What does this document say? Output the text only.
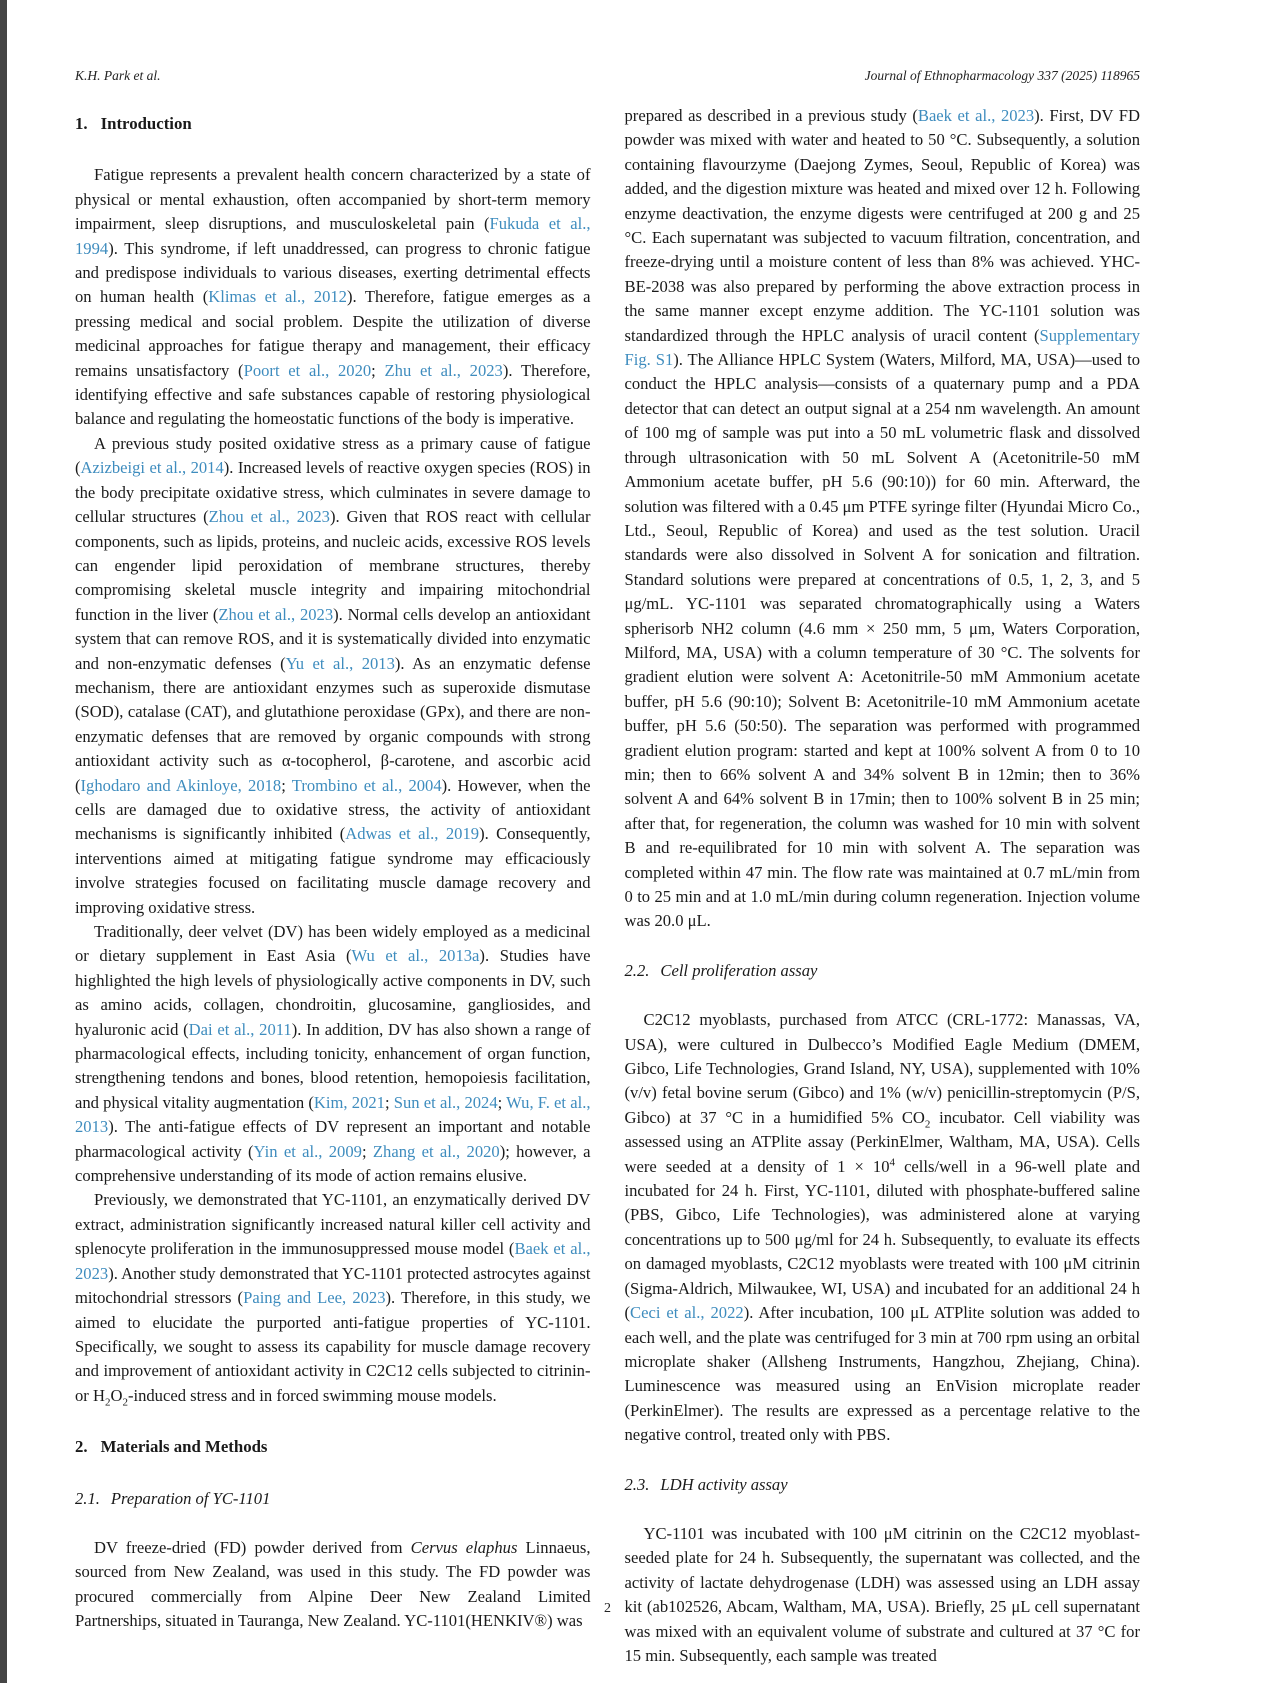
K.H. Park et al.	Journal of Ethnopharmacology 337 (2025) 118965
1. Introduction

Fatigue represents a prevalent health concern characterized by a state of physical or mental exhaustion, often accompanied by short-term memory impairment, sleep disruptions, and musculoskeletal pain (Fukuda et al., 1994). This syndrome, if left unaddressed, can progress to chronic fatigue and predispose individuals to various diseases, exerting detrimental effects on human health (Klimas et al., 2012). Therefore, fatigue emerges as a pressing medical and social problem. Despite the utilization of diverse medicinal approaches for fatigue therapy and management, their efficacy remains unsatisfactory (Poort et al., 2020; Zhu et al., 2023). Therefore, identifying effective and safe substances capable of restoring physiological balance and regulating the homeostatic functions of the body is imperative.

A previous study posited oxidative stress as a primary cause of fatigue (Azizbeigi et al., 2014). Increased levels of reactive oxygen species (ROS) in the body precipitate oxidative stress, which culminates in severe damage to cellular structures (Zhou et al., 2023). Given that ROS react with cellular components, such as lipids, proteins, and nucleic acids, excessive ROS levels can engender lipid peroxidation of membrane structures, thereby compromising skeletal muscle integrity and impairing mitochondrial function in the liver (Zhou et al., 2023). Normal cells develop an antioxidant system that can remove ROS, and it is systematically divided into enzymatic and non-enzymatic defenses (Yu et al., 2013). As an enzymatic defense mechanism, there are antioxidant enzymes such as superoxide dismutase (SOD), catalase (CAT), and glutathione peroxidase (GPx), and there are non-enzymatic defenses that are removed by organic compounds with strong antioxidant activity such as α-tocopherol, β-carotene, and ascorbic acid (Ighodaro and Akinloye, 2018; Trombino et al., 2004). However, when the cells are damaged due to oxidative stress, the activity of antioxidant mechanisms is significantly inhibited (Adwas et al., 2019). Consequently, interventions aimed at mitigating fatigue syndrome may efficaciously involve strategies focused on facilitating muscle damage recovery and improving oxidative stress.

Traditionally, deer velvet (DV) has been widely employed as a medicinal or dietary supplement in East Asia (Wu et al., 2013a). Studies have highlighted the high levels of physiologically active components in DV, such as amino acids, collagen, chondroitin, glucosamine, gangliosides, and hyaluronic acid (Dai et al., 2011). In addition, DV has also shown a range of pharmacological effects, including tonicity, enhancement of organ function, strengthening tendons and bones, blood retention, hemopoiesis facilitation, and physical vitality augmentation (Kim, 2021; Sun et al., 2024; Wu, F. et al., 2013). The anti-fatigue effects of DV represent an important and notable pharmacological activity (Yin et al., 2009; Zhang et al., 2020); however, a comprehensive understanding of its mode of action remains elusive.

Previously, we demonstrated that YC-1101, an enzymatically derived DV extract, administration significantly increased natural killer cell activity and splenocyte proliferation in the immunosuppressed mouse model (Baek et al., 2023). Another study demonstrated that YC-1101 protected astrocytes against mitochondrial stressors (Paing and Lee, 2023). Therefore, in this study, we aimed to elucidate the purported anti-fatigue properties of YC-1101. Specifically, we sought to assess its capability for muscle damage recovery and improvement of antioxidant activity in C2C12 cells subjected to citrinin- or $H_2O_2$-induced stress and in forced swimming mouse models.

2. Materials and Methods
2.1. Preparation of YC-1101

DV freeze-dried (FD) powder derived from Cervus elaphus Linnaeus, sourced from New Zealand, was used in this study. The FD powder was procured commercially from Alpine Deer New Zealand Limited Partnerships, situated in Tauranga, New Zealand. YC-1101(HENKIV®) was

prepared as described in a previous study (Baek et al., 2023). First, DV FD powder was mixed with water and heated to 50 °C. Subsequently, a solution containing flavourzyme (Daejong Zymes, Seoul, Republic of Korea) was added, and the digestion mixture was heated and mixed over 12 h. Following enzyme deactivation, the enzyme digests were centrifuged at 200 g and 25 °C. Each supernatant was subjected to vacuum filtration, concentration, and freeze-drying until a moisture content of less than 8% was achieved. YHC-BE-2038 was also prepared by performing the above extraction process in the same manner except enzyme addition. The YC-1101 solution was standardized through the HPLC analysis of uracil content (Supplementary Fig. S1). The Alliance HPLC System (Waters, Milford, MA, USA)—used to conduct the HPLC analysis—consists of a quaternary pump and a PDA detector that can detect an output signal at a 254 nm wavelength. An amount of 100 mg of sample was put into a 50 mL volumetric flask and dissolved through ultrasonication with 50 mL Solvent A (Acetonitrile-50 mM Ammonium acetate buffer, pH 5.6 (90:10)) for 60 min. Afterward, the solution was filtered with a 0.45 μm PTFE syringe filter (Hyundai Micro Co., Ltd., Seoul, Republic of Korea) and used as the test solution. Uracil standards were also dissolved in Solvent A for sonication and filtration. Standard solutions were prepared at concentrations of 0.5, 1, 2, 3, and 5 μg/mL. YC-1101 was separated chromatographically using a Waters spherisorb NH2 column (4.6 mm × 250 mm, 5 μm, Waters Corporation, Milford, MA, USA) with a column temperature of 30 °C. The solvents for gradient elution were solvent A: Acetonitrile-50 mM Ammonium acetate buffer, pH 5.6 (90:10); Solvent B: Acetonitrile-10 mM Ammonium acetate buffer, pH 5.6 (50:50). The separation was performed with programmed gradient elution program: started and kept at 100% solvent A from 0 to 10 min; then to 66% solvent A and 34% solvent B in 12min; then to 36% solvent A and 64% solvent B in 17min; then to 100% solvent B in 25 min; after that, for regeneration, the column was washed for 10 min with solvent B and re-equilibrated for 10 min with solvent A. The separation was completed within 47 min. The flow rate was maintained at 0.7 mL/min from 0 to 25 min and at 1.0 mL/min during column regeneration. Injection volume was 20.0 μL.

2.2. Cell proliferation assay

C2C12 myoblasts, purchased from ATCC (CRL-1772: Manassas, VA, USA), were cultured in Dulbecco’s Modified Eagle Medium (DMEM, Gibco, Life Technologies, Grand Island, NY, USA), supplemented with 10% (v/v) fetal bovine serum (Gibco) and 1% (w/v) penicillin-streptomycin (P/S, Gibco) at 37 °C in a humidified 5% $CO_2$ incubator. Cell viability was assessed using an ATPlite assay (PerkinElmer, Waltham, MA, USA). Cells were seeded at a density of $1 \times 10^4$ cells/well in a 96-well plate and incubated for 24 h. First, YC-1101, diluted with phosphate-buffered saline (PBS, Gibco, Life Technologies), was administered alone at varying concentrations up to 500 μg/ml for 24 h. Subsequently, to evaluate its effects on damaged myoblasts, C2C12 myoblasts were treated with 100 μM citrinin (Sigma-Aldrich, Milwaukee, WI, USA) and incubated for an additional 24 h (Ceci et al., 2022). After incubation, 100 μL ATPlite solution was added to each well, and the plate was centrifuged for 3 min at 700 rpm using an orbital microplate shaker (Allsheng Instruments, Hangzhou, Zhejiang, China). Luminescence was measured using an EnVision microplate reader (PerkinElmer). The results are expressed as a percentage relative to the negative control, treated only with PBS.

2.3. LDH activity assay

YC-1101 was incubated with 100 μM citrinin on the C2C12 myoblast-seeded plate for 24 h. Subsequently, the supernatant was collected, and the activity of lactate dehydrogenase (LDH) was assessed using an LDH assay kit (ab102526, Abcam, Waltham, MA, USA). Briefly, 25 μL cell supernatant was mixed with an equivalent volume of substrate and cultured at 37 °C for 15 min. Subsequently, each sample was treated

2
